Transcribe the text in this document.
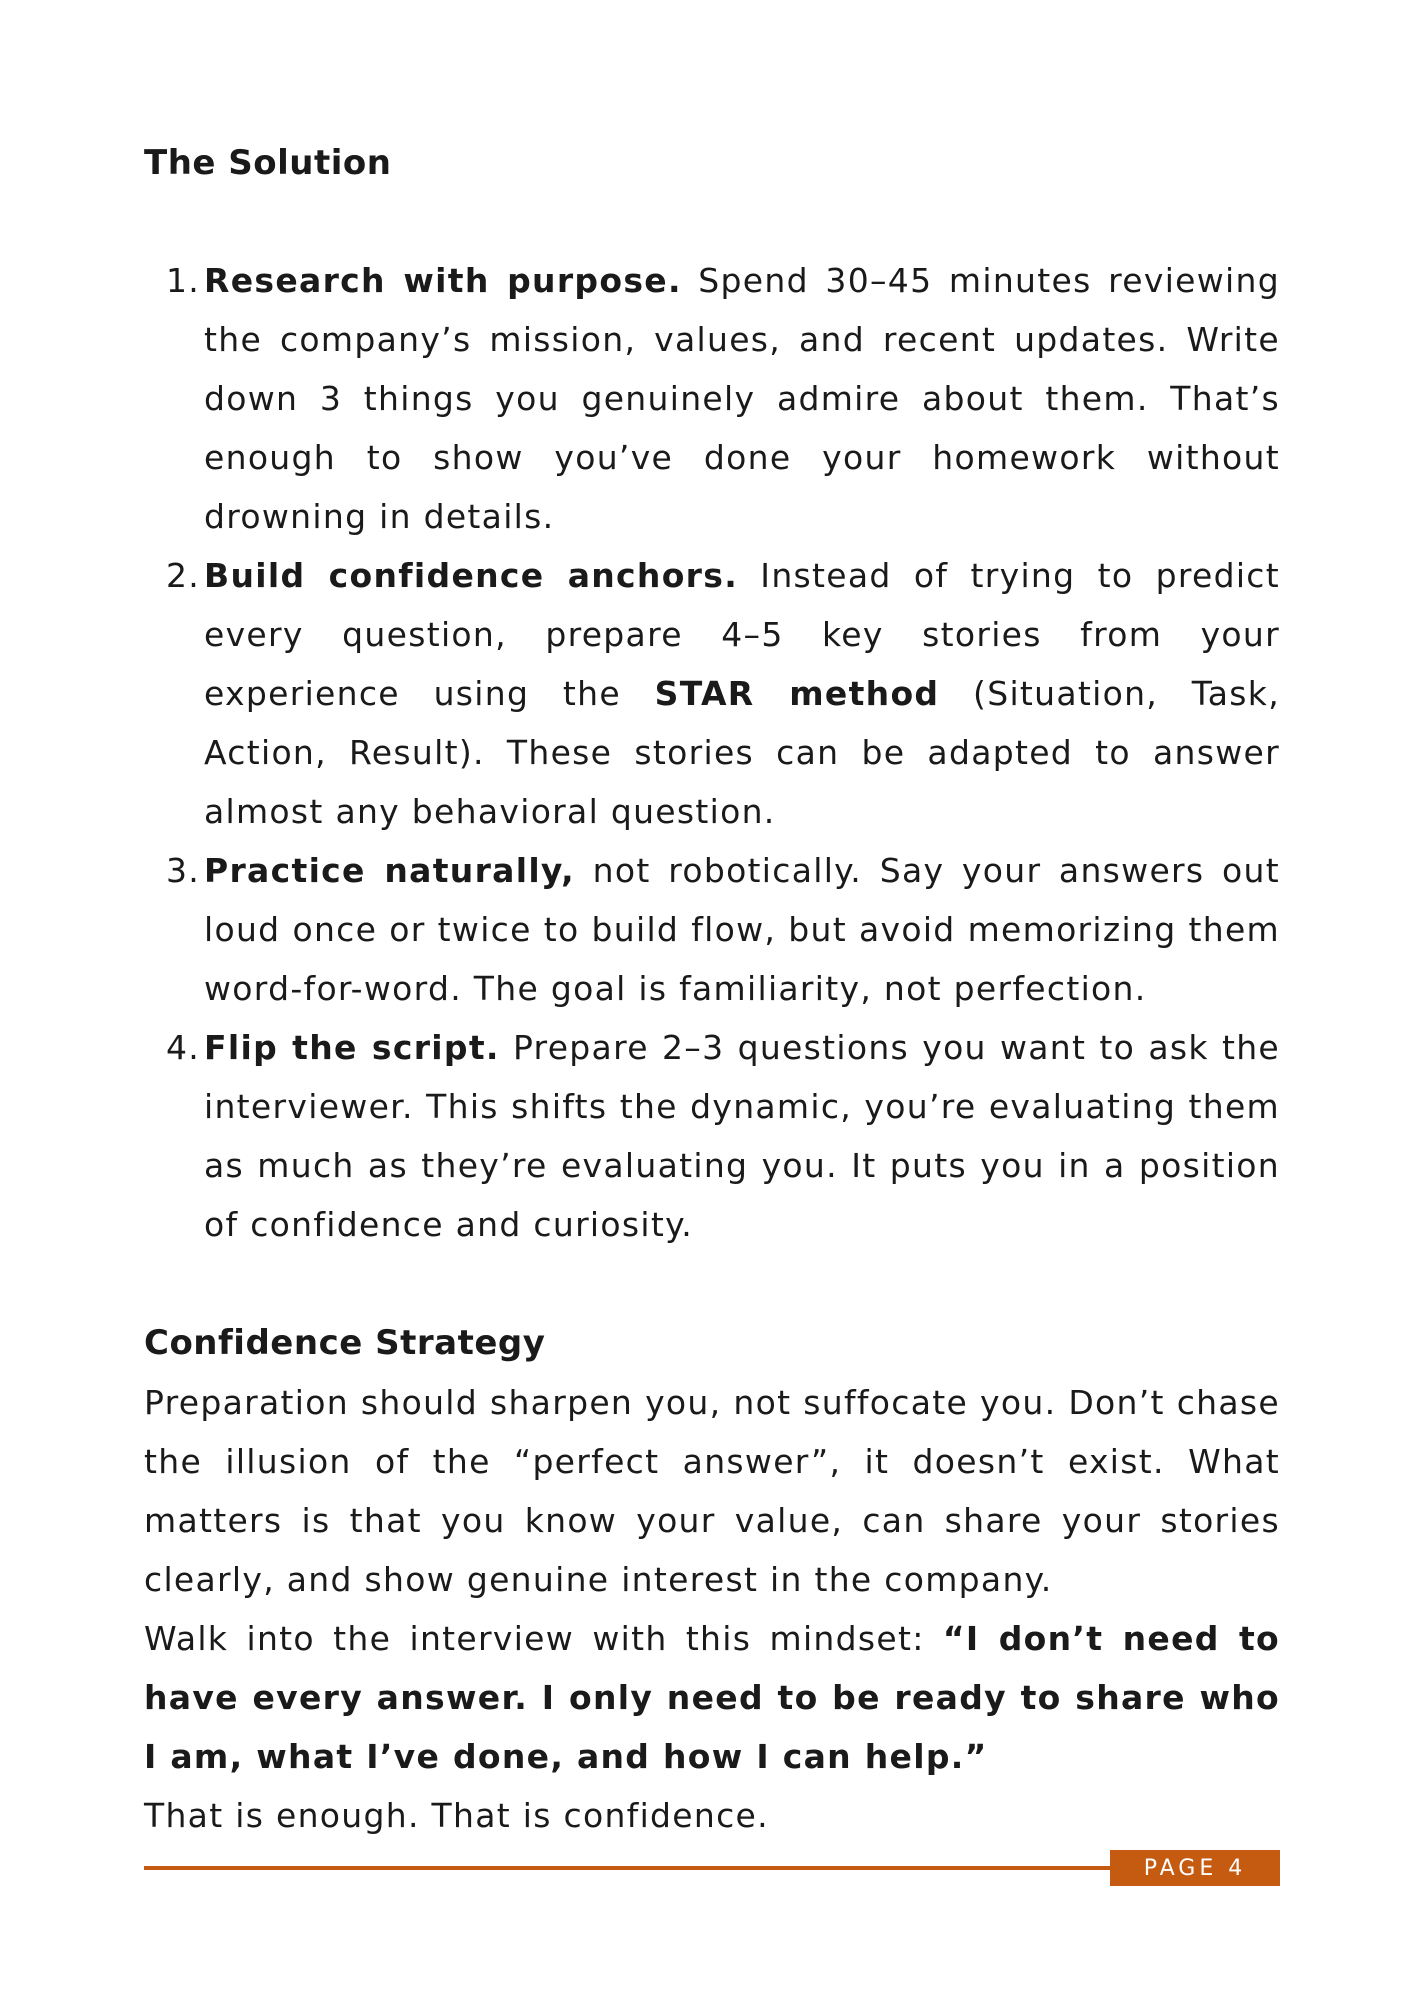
The Solution
1. Research with purpose. Spend 30–45 minutes reviewing the company’s mission, values, and recent updates. Write down 3 things you genuinely admire about them. That’s enough to show you’ve done your homework without drowning in details.
2. Build confidence anchors. Instead of trying to predict every question, prepare 4–5 key stories from your experience using the STAR method (Situation, Task, Action, Result). These stories can be adapted to answer almost any behavioral question.
3. Practice naturally, not robotically. Say your answers out loud once or twice to build flow, but avoid memorizing them word-for-word. The goal is familiarity, not perfection.
4. Flip the script. Prepare 2–3 questions you want to ask the interviewer. This shifts the dynamic, you’re evaluating them as much as they’re evaluating you. It puts you in a position of confidence and curiosity.
Confidence Strategy

Preparation should sharpen you, not suffocate you. Don’t chase the illusion of the “perfect answer”, it doesn’t exist. What matters is that you know your value, can share your stories clearly, and show genuine interest in the company.

Walk into the interview with this mindset: “I don’t need to have every answer. I only need to be ready to share who I am, what I’ve done, and how I can help.”

That is enough. That is confidence.

PAGE 4
